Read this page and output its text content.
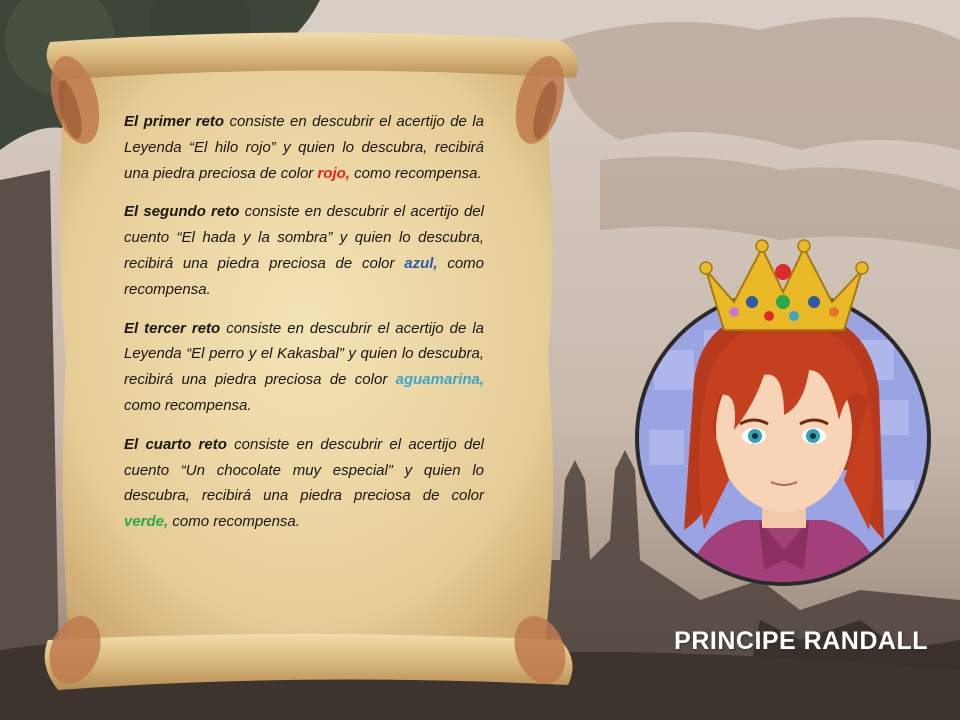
El primer reto consiste en descubrir el acertijo de la Leyenda “El hilo rojo” y quien lo descubra, recibirá una piedra preciosa de color rojo, como recompensa.

El segundo reto consiste en descubrir el acertijo del cuento “El hada y la sombra” y quien lo descubra, recibirá una piedra preciosa de color azul, como recompensa.

El tercer reto consiste en descubrir el acertijo de la Leyenda “El perro y el Kakasbal” y quien lo descubra, recibirá una piedra preciosa de color aguamarina, como recompensa.

El cuarto reto consiste en descubrir el acertijo del cuento “Un chocolate muy especial” y quien lo descubra, recibirá una piedra preciosa de color verde, como recompensa.

PRINCIPE RANDALL
